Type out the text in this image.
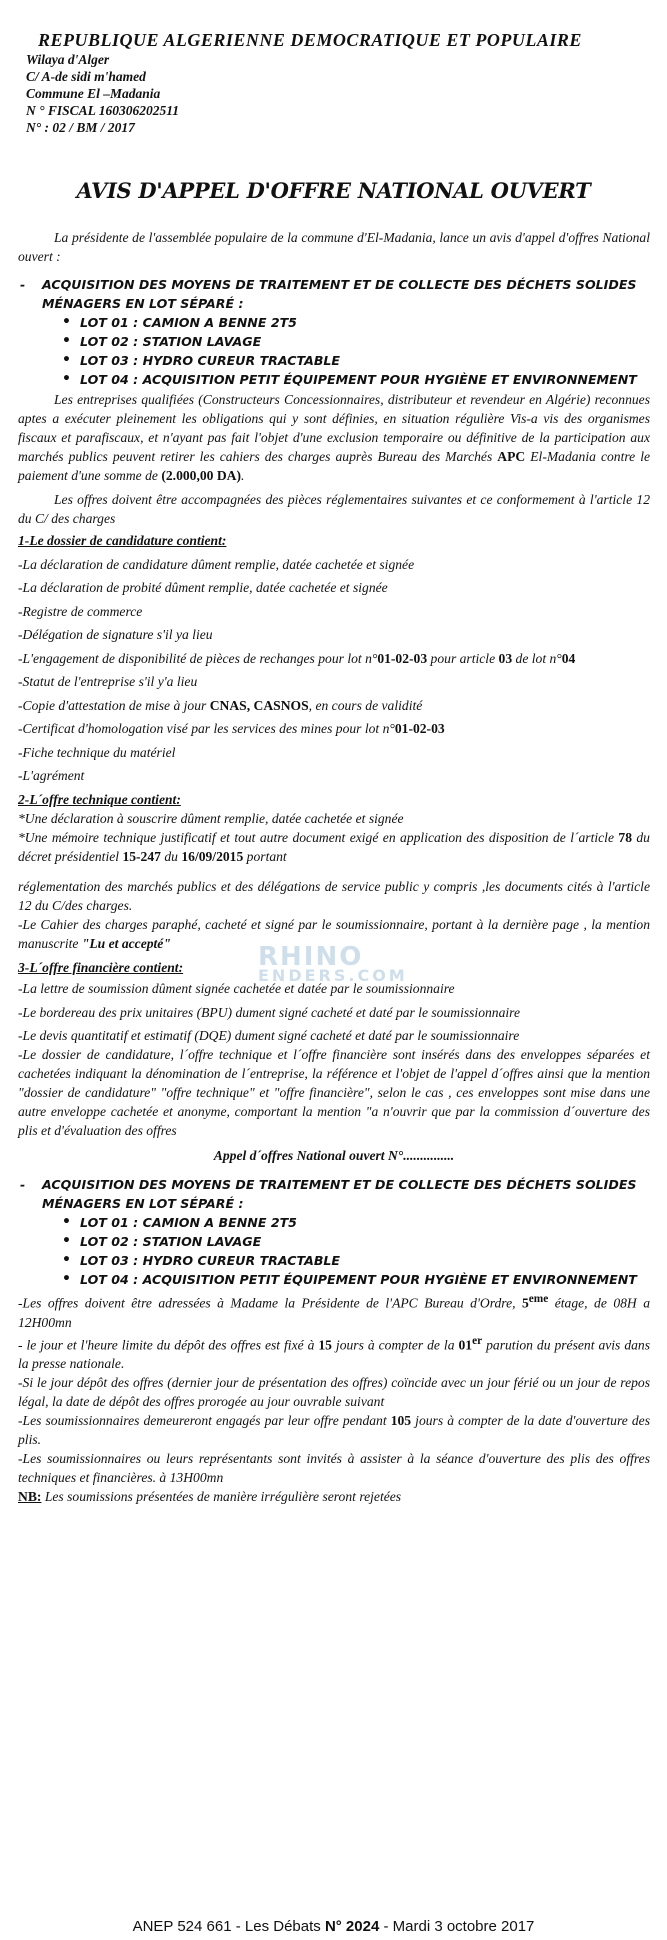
REPUBLIQUE ALGERIENNE DEMOCRATIQUE ET POPULAIRE
Wilaya d'Alger
C/ A-de sidi m'hamed
Commune El –Madania
N ° FISCAL 160306202511
N° : 02 / BM / 2017
AVIS D'APPEL D'OFFRE NATIONAL OUVERT
RHINO
ENDERS.COM

La présidente de l'assemblée populaire de la commune d'El-Madania, lance un avis d'appel d'offres National ouvert :

-	ACQUISITION DES MOYENS DE TRAITEMENT ET DE COLLECTE DES DÉCHETS SOLIDES MÉNAGERS EN LOT SÉPARÉ :
• LOT 01 : CAMION A BENNE 2T5
• LOT 02 : STATION LAVAGE
• LOT 03 : HYDRO CUREUR TRACTABLE
• LOT 04 : ACQUISITION PETIT ÉQUIPEMENT POUR HYGIÈNE ET ENVIRONNEMENT

Les entreprises qualifiées (Constructeurs Concessionnaires, distributeur et revendeur en Algérie) reconnues aptes a exécuter pleinement les obligations qui y sont définies, en situation régulière Vis-a vis des organismes fiscaux et parafiscaux, et n'ayant pas fait l'objet d'une exclusion temporaire ou définitive de la participation aux marchés publics peuvent retirer les cahiers des charges auprès Bureau des Marchés APC El-Madania contre le paiement d'une somme de (2.000,00 DA).

Les offres doivent être accompagnées des pièces réglementaires suivantes et ce conformement à l'article 12 du C/ des charges

1-Le dossier de candidature contient:
-La déclaration de candidature dûment remplie, datée cachetée et signée
-La déclaration de probité dûment remplie, datée cachetée et signée
-Registre de commerce
-Délégation de signature s'il ya lieu
-L'engagement de disponibilité de pièces de rechanges pour lot n°01-02-03 pour article 03 de lot n°04
-Statut de l'entreprise s'il y'a lieu
-Copie d'attestation de mise à jour CNAS, CASNOS, en cours de validité
-Certificat d'homologation visé par les services des mines pour lot n°01-02-03
-Fiche technique du matériel
-L'agrément
2-L´offre technique contient:
*Une déclaration à souscrire dûment remplie, datée cachetée et signée

*Une mémoire technique justificatif et tout autre document exigé en application des disposition de l´article 78 du décret présidentiel 15-247 du 16/09/2015 portant

réglementation des marchés publics et des délégations de service public y compris ,les documents cités à l'article 12 du C/des charges.

-Le Cahier des charges paraphé, cacheté et signé par le soumissionnaire, portant à la dernière page , la mention manuscrite "Lu et accepté"

3-L´offre financière contient:
-La lettre de soumission dûment signée cachetée et datée par le soumissionnaire
-Le bordereau des prix unitaires (BPU) dument signé cacheté et daté par le soumissionnaire
-Le devis quantitatif et estimatif (DQE) dument signé cacheté et daté par le soumissionnaire

-Le dossier de candidature, l´offre technique et l´offre financière sont insérés dans des enveloppes séparées et cachetées indiquant la dénomination de l´entreprise, la référence et l'objet de l'appel d´offres ainsi que la mention "dossier de candidature" "offre technique" et "offre financière", selon le cas , ces enveloppes sont mise dans une autre enveloppe cachetée et anonyme, comportant la mention "a n'ouvrir que par la commission d´ouverture des plis et d'évaluation des offres

Appel d´offres National ouvert N°...............
-	ACQUISITION DES MOYENS DE TRAITEMENT ET DE COLLECTE DES DÉCHETS SOLIDES MÉNAGERS EN LOT SÉPARÉ :
• LOT 01 : CAMION A BENNE 2T5
• LOT 02 : STATION LAVAGE
• LOT 03 : HYDRO CUREUR TRACTABLE
• LOT 04 : ACQUISITION PETIT ÉQUIPEMENT POUR HYGIÈNE ET ENVIRONNEMENT

-Les offres doivent être adressées à Madame la Présidente de l'APC Bureau d'Ordre, 5eme étage, de 08H a 12H00mn

- le jour et l'heure limite du dépôt des offres est fixé à 15 jours à compter de la 01er parution du présent avis dans la presse nationale.

-Si le jour dépôt des offres (dernier jour de présentation des offres) coïncide avec un jour férié ou un jour de repos légal, la date de dépôt des offres prorogée au jour ouvrable suivant

-Les soumissionnaires demeureront engagés par leur offre pendant 105 jours à compter de la date d'ouverture des plis.

-Les soumissionnaires ou leurs représentants sont invités à assister à la séance d'ouverture des plis des offres techniques et financières. à 13H00mn

NB: Les soumissions présentées de manière irrégulière seront rejetées

ANEP 524 661 - Les Débats N° 2024 - Mardi 3 octobre 2017
